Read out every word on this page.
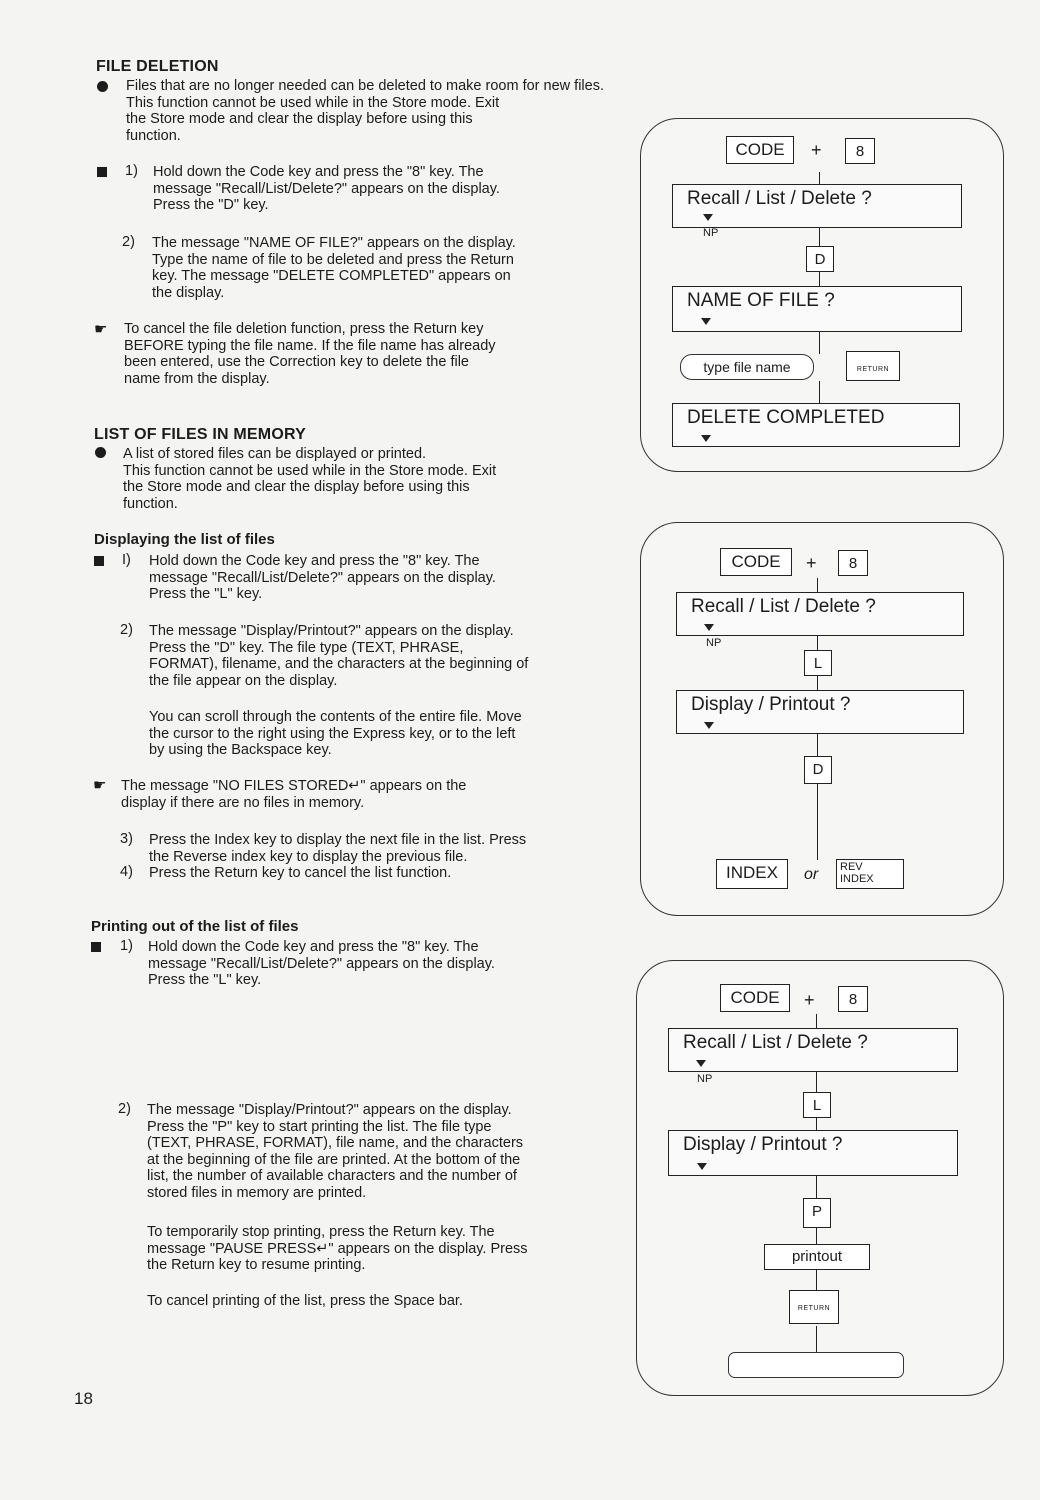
FILE DELETION
Files that are no longer needed can be deleted to make room for new files.
This function cannot be used while in the Store mode. Exit
the Store mode and clear the display before using this
function.
1) Hold down the Code key and press the "8" key. The
message "Recall/List/Delete?" appears on the display.
Press the "D" key.
2) The message "NAME OF FILE?" appears on the display.
Type the name of file to be deleted and press the Return
key. The message "DELETE COMPLETED" appears on
the display.
☛ To cancel the file deletion function, press the Return key
BEFORE typing the file name. If the file name has already
been entered, use the Correction key to delete the file
name from the display.
LIST OF FILES IN MEMORY
A list of stored files can be displayed or printed.
This function cannot be used while in the Store mode. Exit
the Store mode and clear the display before using this
function.
Displaying the list of files
I) Hold down the Code key and press the "8" key. The
message "Recall/List/Delete?" appears on the display.
Press the "L" key.
2) The message "Display/Printout?" appears on the display.
Press the "D" key. The file type (TEXT, PHRASE,
FORMAT), filename, and the characters at the beginning of
the file appear on the display.
You can scroll through the contents of the entire file. Move
the cursor to the right using the Express key, or to the left
by using the Backspace key.
☛ The message "NO FILES STORED↵" appears on the
display if there are no files in memory.
3) Press the Index key to display the next file in the list. Press
the Reverse index key to display the previous file.
4) Press the Return key to cancel the list function.
Printing out of the list of files
1) Hold down the Code key and press the "8" key. The
message "Recall/List/Delete?" appears on the display.
Press the "L" key.
2) The message "Display/Printout?" appears on the display.
Press the "P" key to start printing the list. The file type
(TEXT, PHRASE, FORMAT), file name, and the characters
at the beginning of the file are printed. At the bottom of the
list, the number of available characters and the number of
stored files in memory are printed.
To temporarily stop printing, press the Return key. The
message "PAUSE PRESS↵" appears on the display. Press
the Return key to resume printing.
To cancel printing of the list, press the Space bar.
18
CODE	+	8
Recall / List / Delete ?
NP
D
NAME OF FILE ?
type file name	RETURN
DELETE COMPLETED
CODE	+	8
Recall / List / Delete ?
NP
L
Display / Printout ?
D
INDEX	or	REV
INDEX
CODE	+	8
Recall / List / Delete ?
NP
L
Display / Printout ?
P
printout
RETURN
